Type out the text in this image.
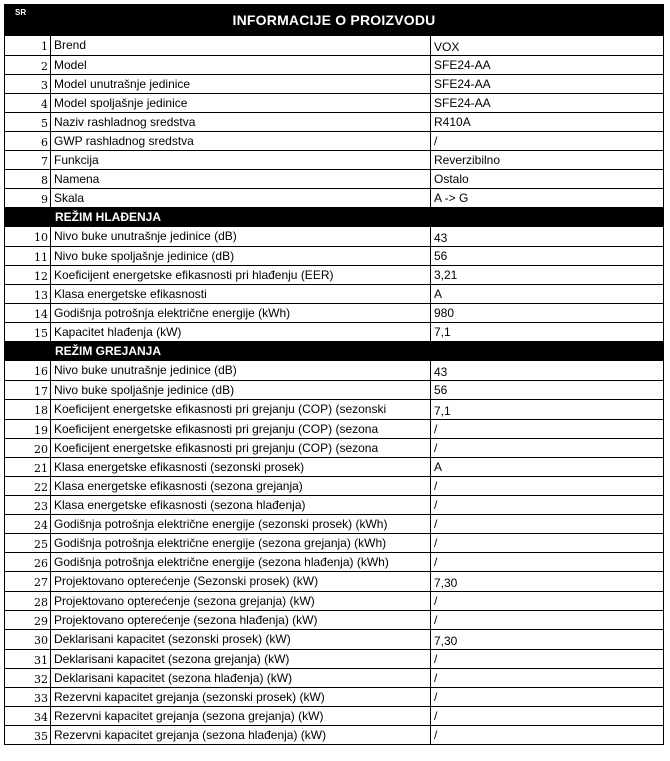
SR	INFORMACIJE O PROIZVODU
1 Brend	VOX
2 Model	SFE24-AA
3 Model unutrašnje jedinice	SFE24-AA
4 Model spoljašnje jedinice	SFE24-AA
5 Naziv rashladnog sredstva	R410A
6 GWP rashladnog sredstva	/
7 Funkcija	Reverzibilno
8 Namena	Ostalo
9 Skala	A -> G
REŽIM HLAĐENJA
10 Nivo buke unutrašnje jedinice (dB)	43
11 Nivo buke spoljašnje jedinice (dB)	56
12 Koeficijent energetske efikasnosti pri hlađenju (EER)	3,21
13 Klasa energetske efikasnosti	A
14 Godišnja potrošnja električne energije (kWh)	980
15 Kapacitet hlađenja (kW)	7,1
REŽIM GREJANJA
16 Nivo buke unutrašnje jedinice (dB)	43
17 Nivo buke spoljašnje jedinice (dB)	56
18 Koeficijent energetske efikasnosti pri grejanju (COP) (sezonski	7,1
19 Koeficijent energetske efikasnosti pri grejanju (COP) (sezona	/
20 Koeficijent energetske efikasnosti pri grejanju (COP) (sezona	/
21 Klasa energetske efikasnosti (sezonski prosek)	A
22 Klasa energetske efikasnosti (sezona grejanja)	/
23 Klasa energetske efikasnosti (sezona hlađenja)	/
24 Godišnja potrošnja električne energije (sezonski prosek) (kWh)	/
25 Godišnja potrošnja električne energije (sezona grejanja) (kWh)	/
26 Godišnja potrošnja električne energije (sezona hlađenja) (kWh)	/
27 Projektovano opterećenje (Sezonski prosek) (kW)	7,30
28 Projektovano opterećenje (sezona grejanja) (kW)	/
29 Projektovano opterećenje (sezona hlađenja) (kW)	/
30 Deklarisani kapacitet (sezonski prosek) (kW)	7,30
31 Deklarisani kapacitet (sezona grejanja) (kW)	/
32 Deklarisani kapacitet (sezona hlađenja) (kW)	/
33 Rezervni kapacitet grejanja (sezonski prosek) (kW)	/
34 Rezervni kapacitet grejanja (sezona grejanja) (kW)	/
35 Rezervni kapacitet grejanja (sezona hlađenja) (kW)	/
